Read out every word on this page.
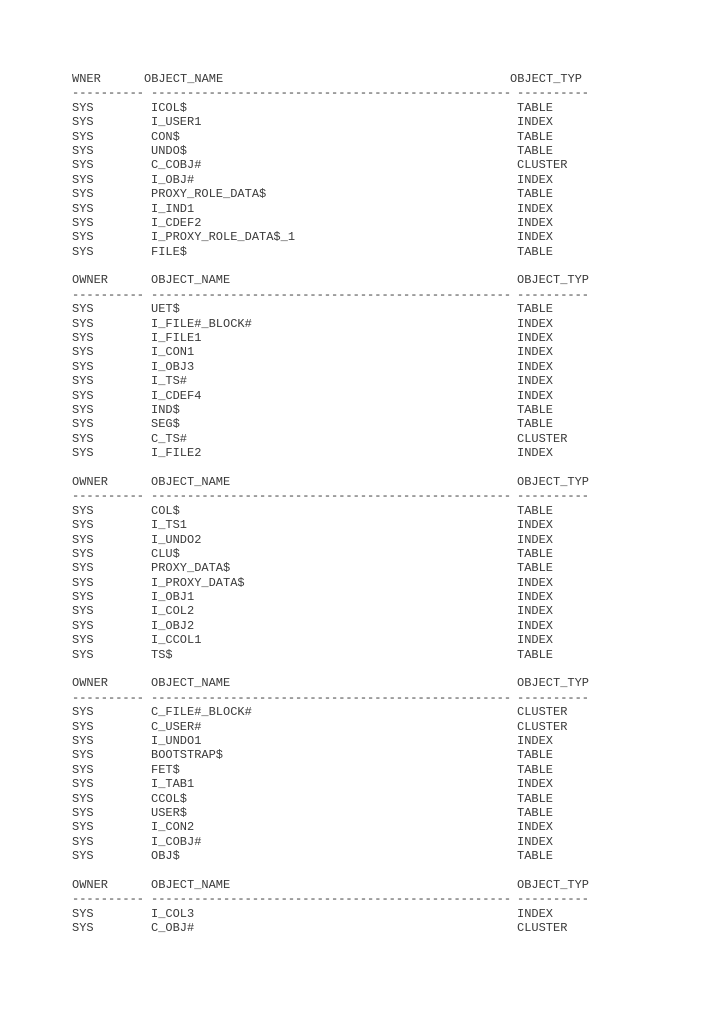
WNER	OBJECT_NAME	OBJECT_TYP
---------- -------------------------------------------------- ----------
SYS	ICOL$	TABLE
SYS	I_USER1	INDEX
SYS	CON$	TABLE
SYS	UNDO$	TABLE
SYS	C_COBJ#	CLUSTER
SYS	I_OBJ#	INDEX
SYS	PROXY_ROLE_DATA$	TABLE
SYS	I_IND1	INDEX
SYS	I_CDEF2	INDEX
SYS	I_PROXY_ROLE_DATA$_1	INDEX
SYS	FILE$	TABLE
OWNER	OBJECT_NAME	OBJECT_TYP
---------- -------------------------------------------------- ----------
SYS	UET$	TABLE
SYS	I_FILE#_BLOCK#	INDEX
SYS	I_FILE1	INDEX
SYS	I_CON1	INDEX
SYS	I_OBJ3	INDEX
SYS	I_TS#	INDEX
SYS	I_CDEF4	INDEX
SYS	IND$	TABLE
SYS	SEG$	TABLE
SYS	C_TS#	CLUSTER
SYS	I_FILE2	INDEX
OWNER	OBJECT_NAME	OBJECT_TYP
---------- -------------------------------------------------- ----------
SYS	COL$	TABLE
SYS	I_TS1	INDEX
SYS	I_UNDO2	INDEX
SYS	CLU$	TABLE
SYS	PROXY_DATA$	TABLE
SYS	I_PROXY_DATA$	INDEX
SYS	I_OBJ1	INDEX
SYS	I_COL2	INDEX
SYS	I_OBJ2	INDEX
SYS	I_CCOL1	INDEX
SYS	TS$	TABLE
OWNER	OBJECT_NAME	OBJECT_TYP
---------- -------------------------------------------------- ----------
SYS	C_FILE#_BLOCK#	CLUSTER
SYS	C_USER#	CLUSTER
SYS	I_UNDO1	INDEX
SYS	BOOTSTRAP$	TABLE
SYS	FET$	TABLE
SYS	I_TAB1	INDEX
SYS	CCOL$	TABLE
SYS	USER$	TABLE
SYS	I_CON2	INDEX
SYS	I_COBJ#	INDEX
SYS	OBJ$	TABLE
OWNER	OBJECT_NAME	OBJECT_TYP
---------- -------------------------------------------------- ----------
SYS	I_COL3	INDEX
SYS	C_OBJ#	CLUSTER
